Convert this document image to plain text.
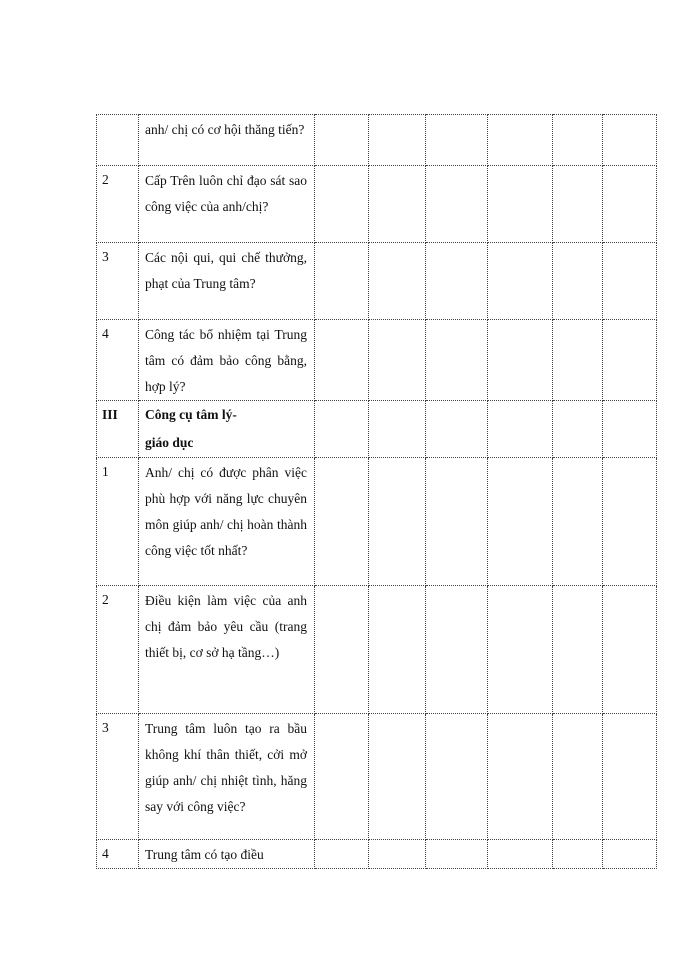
	anh/ chị có cơ hội thăng tiến?						
2	Cấp Trên luôn chỉ đạo sát sao công việc của anh/chị?						
3	Các nội qui, qui chế thưởng, phạt của Trung tâm?						
4	Công tác bổ nhiệm tại Trung tâm có đảm bảo công bằng, hợp lý?						
III	Công cụ tâm lý-
giáo dục						
1	Anh/ chị có được phân việc phù hợp với năng lực chuyên môn giúp anh/ chị hoàn thành công việc tốt nhất?						
2	Điều kiện làm việc của anh chị đảm bảo yêu cầu (trang thiết bị, cơ sở hạ tầng…)						
3	Trung tâm luôn tạo ra bầu không khí thân thiết, cởi mở giúp anh/ chị nhiệt tình, hăng say với công việc?						
4	Trung tâm có tạo điều						
